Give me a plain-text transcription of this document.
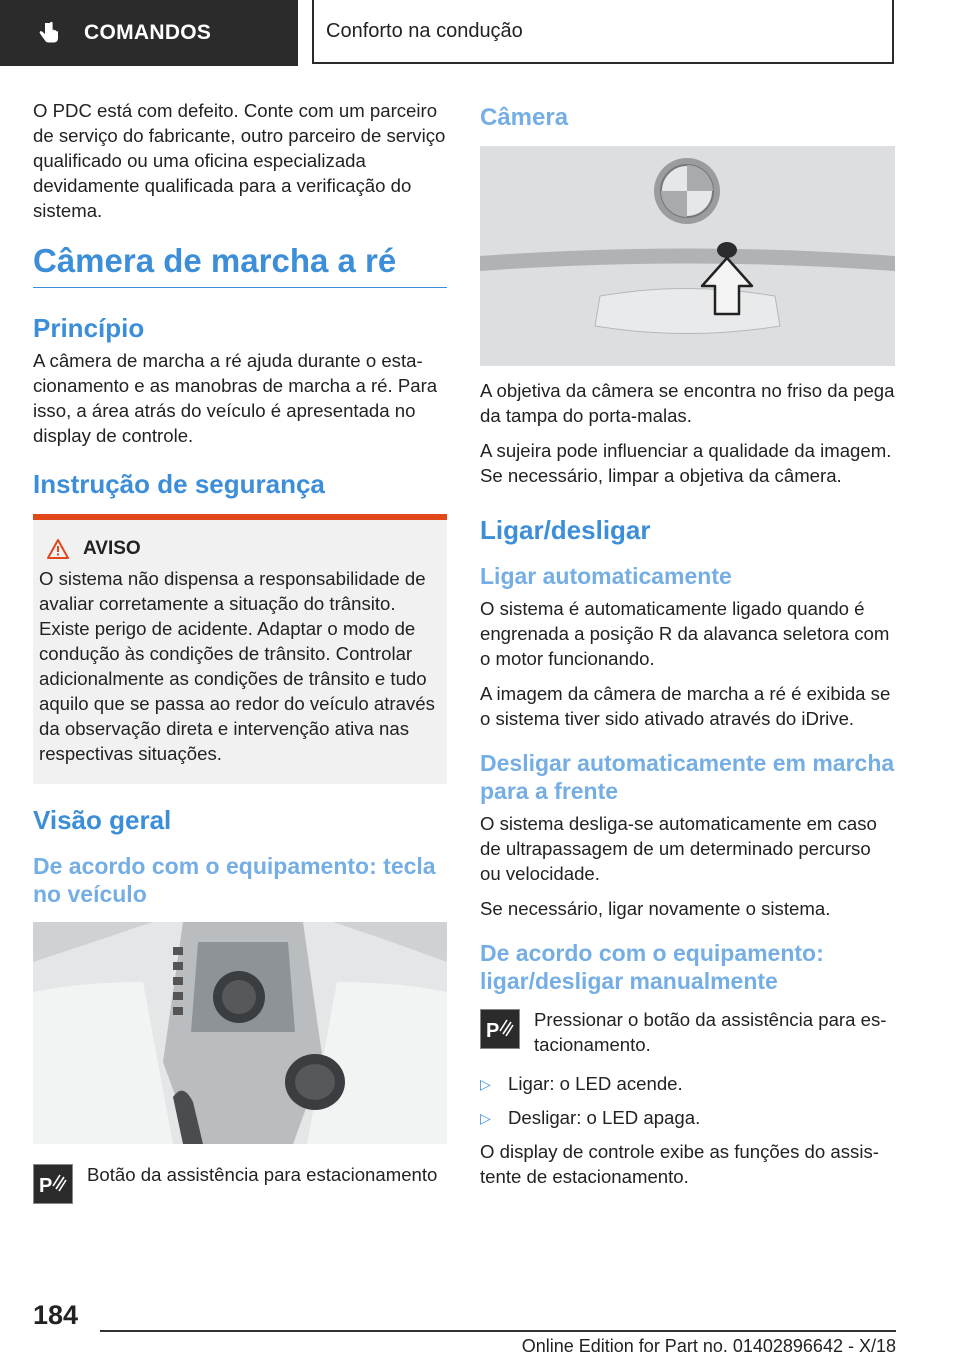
COMANDOS	Conforto na condução

O PDC está com defeito. Conte com um parceiro de serviço do fabricante, outro parceiro de serviço qualificado ou uma oficina especializada devidamente qualificada para a verificação do sistema.

Câmera de marcha a ré
Princípio

A câmera de marcha a ré ajuda durante o estacionamento e as manobras de marcha a ré. Para isso, a área atrás do veículo é apresentada no display de controle.

Instrução de segurança
AVISO

O sistema não dispensa a responsabilidade de avaliar corretamente a situação do trânsito. Existe perigo de acidente. Adaptar o modo de condução às condições de trânsito. Controlar adicionalmente as condições de trânsito e tudo aquilo que se passa ao redor do veículo através da observação direta e intervenção ativa nas respectivas situações.

Visão geral
De acordo com o equipamento: tecla no veículo
P

Botão da assistência para estacionamento

Câmera

A objetiva da câmera se encontra no friso da pega da tampa do porta-malas.

A sujeira pode influenciar a qualidade da imagem. Se necessário, limpar a objetiva da câmera.

Ligar/desligar
Ligar automaticamente

O sistema é automaticamente ligado quando é engrenada a posição R da alavanca seletora com o motor funcionando.

A imagem da câmera de marcha a ré é exibida se o sistema tiver sido ativado através do iDrive.

Desligar automaticamente em marcha para a frente

O sistema desliga-se automaticamente em caso de ultrapassagem de um determinado percurso ou velocidade.

Se necessário, ligar novamente o sistema.

De acordo com o equipamento: ligar/desligar manualmente
P

Pressionar o botão da assistência para estacionamento.

▷ Ligar: o LED acende.
▷ Desligar: o LED apaga.

O display de controle exibe as funções do assistente de estacionamento.

184
Online Edition for Part no. 01402896642 - X/18
